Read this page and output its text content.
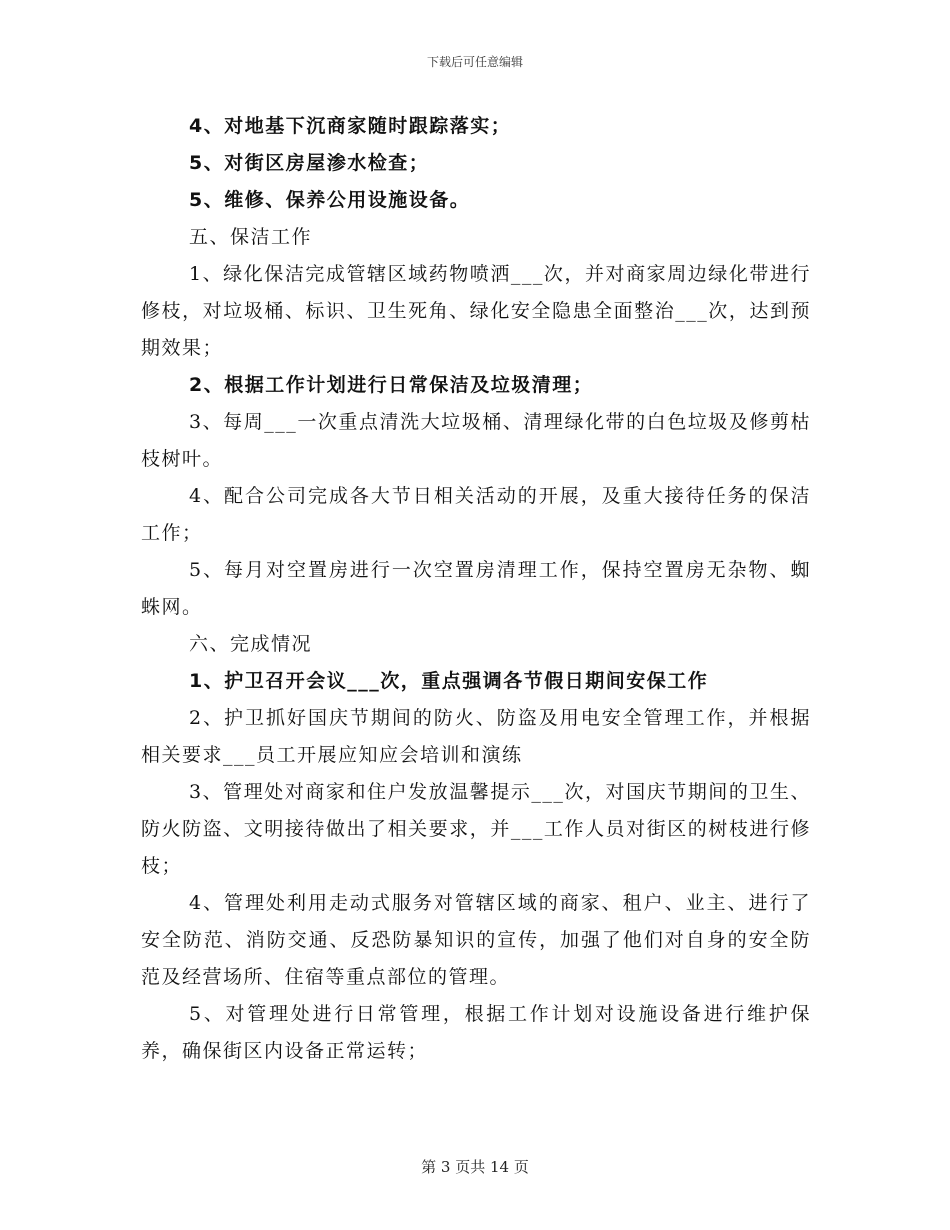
下载后可任意编辑

4、对地基下沉商家随时跟踪落实；

5、对街区房屋渗水检查；

5、维修、保养公用设施设备。

五、保洁工作

1、绿化保洁完成管辖区域药物喷洒___次，并对商家周边绿化带进行修枝，对垃圾桶、标识、卫生死角、绿化安全隐患全面整治___次，达到预期效果；

2、根据工作计划进行日常保洁及垃圾清理；

3、每周___一次重点清洗大垃圾桶、清理绿化带的白色垃圾及修剪枯枝树叶。

4、配合公司完成各大节日相关活动的开展，及重大接待任务的保洁工作；

5、每月对空置房进行一次空置房清理工作，保持空置房无杂物、蜘蛛网。

六、完成情况

1、护卫召开会议___次，重点强调各节假日期间安保工作

2、护卫抓好国庆节期间的防火、防盗及用电安全管理工作，并根据相关要求___员工开展应知应会培训和演练

3、管理处对商家和住户发放温馨提示___次，对国庆节期间的卫生、防火防盗、文明接待做出了相关要求，并___工作人员对街区的树枝进行修枝；

4、管理处利用走动式服务对管辖区域的商家、租户、业主、进行了安全防范、消防交通、反恐防暴知识的宣传，加强了他们对自身的安全防范及经营场所、住宿等重点部位的管理。

5、对管理处进行日常管理，根据工作计划对设施设备进行维护保养，确保街区内设备正常运转；

第 3 页共 14 页
